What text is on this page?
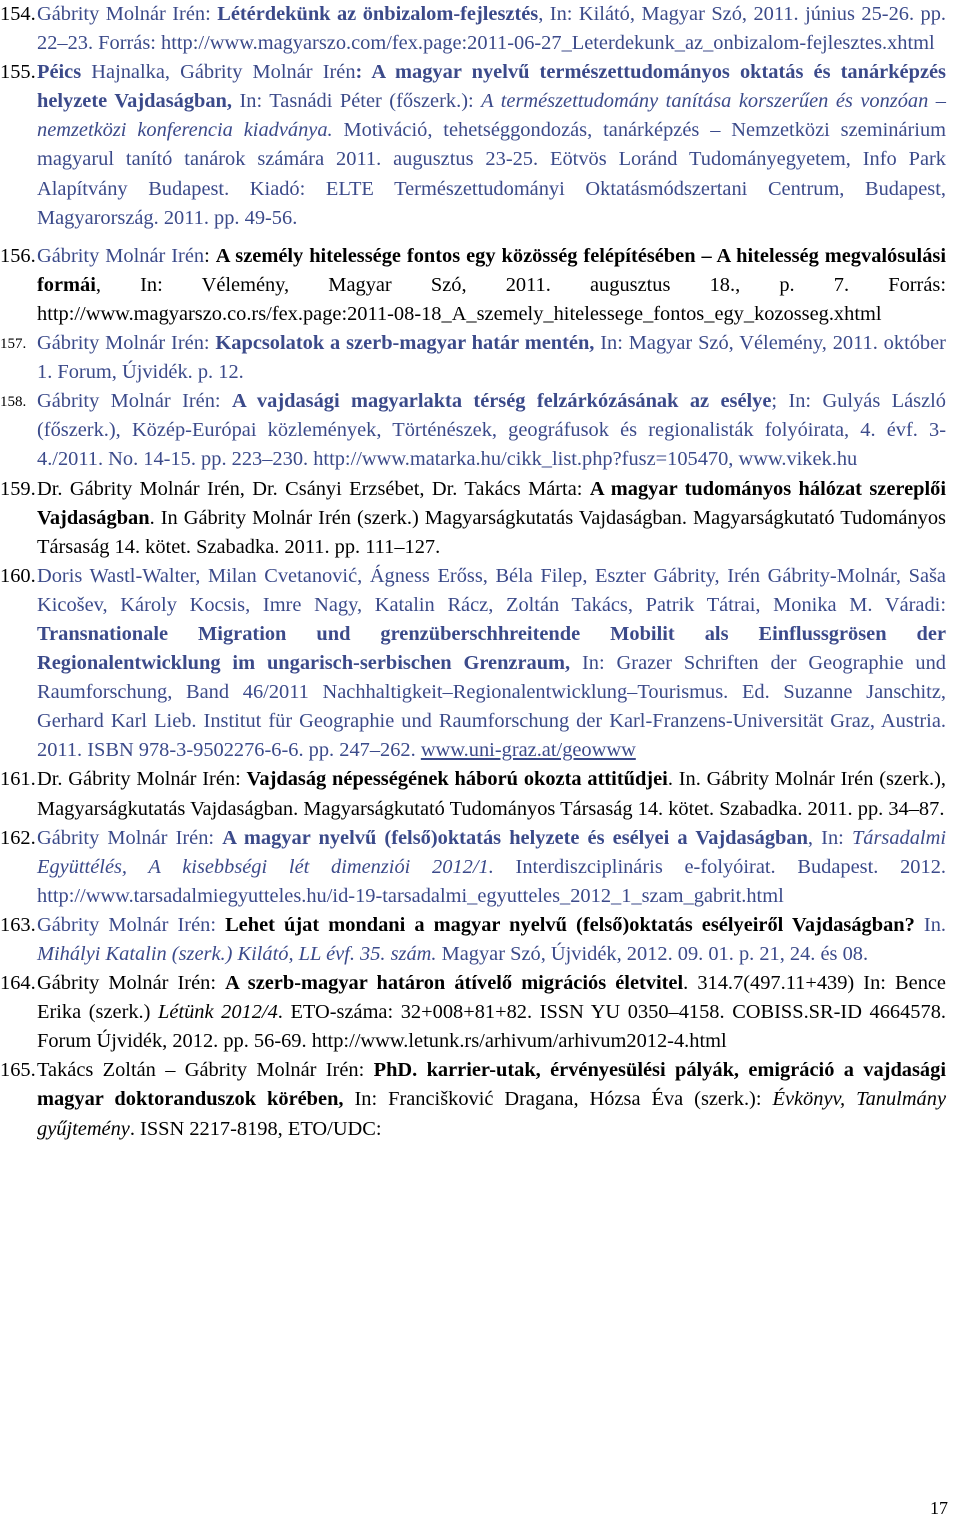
154. Gábrity Molnár Irén: Létérdekünk az önbizalom-fejlesztés, In: Kilátó, Magyar Szó, 2011. június 25-26. pp. 22–23. Forrás: http://www.magyarszo.com/fex.page:2011-06-27_Leterdekunk_az_onbizalom-fejlesztes.xhtml
155. Péics Hajnalka, Gábrity Molnár Irén: A magyar nyelvű természettudományos oktatás és tanárképzés helyzete Vajdaságban, In: Tasnádi Péter (főszerk.): A természettudomány tanítása korszerűen és vonzóan – nemzetközi konferencia kiadványa. Motiváció, tehetséggondozás, tanárképzés – Nemzetközi szeminárium magyarul tanító tanárok számára 2011. augusztus 23-25. Eötvös Loránd Tudományegyetem, Info Park Alapítvány Budapest. Kiadó: ELTE Természettudományi Oktatásmódszertani Centrum, Budapest, Magyarország. 2011. pp. 49-56.
156. Gábrity Molnár Irén: A személy hitelessége fontos egy közösség felépítésében – A hitelesség megvalósulási formái, In: Vélemény, Magyar Szó, 2011. augusztus 18., p. 7. Forrás: http://www.magyarszo.co.rs/fex.page:2011-08-18_A_szemely_hitelessege_fontos_egy_kozosseg.xhtml
157. Gábrity Molnár Irén: Kapcsolatok a szerb-magyar határ mentén, In: Magyar Szó, Vélemény, 2011. október 1. Forum, Újvidék. p. 12.
158. Gábrity Molnár Irén: A vajdasági magyarlakta térség felzárkózásának az esélye; In: Gulyás László (főszerk.), Közép-Európai közlemények, Történészek, geográfusok és regionalisták folyóirata, 4. évf. 3-4./2011. No. 14-15. pp. 223–230. http://www.matarka.hu/cikk_list.php?fusz=105470, www.vikek.hu
159. Dr. Gábrity Molnár Irén, Dr. Csányi Erzsébet, Dr. Takács Márta: A magyar tudományos hálózat szereplői Vajdaságban. In Gábrity Molnár Irén (szerk.) Magyarságkutatás Vajdaságban. Magyarságkutató Tudományos Társaság 14. kötet. Szabadka. 2011. pp. 111–127.
160. Doris Wastl-Walter, Milan Cvetanović, Ágness Erőss, Béla Filep, Eszter Gábrity, Irén Gábrity-Molnár, Saša Kicošev, Károly Kocsis, Imre Nagy, Katalin Rácz, Zoltán Takács, Patrik Tátrai, Monika M. Váradi: Transnationale Migration und grenzüberschhreitende Mobilit als Einflussgrösen der Regionalentwicklung im ungarisch-serbischen Grenzraum, In: Grazer Schriften der Geographie und Raumforschung, Band 46/2011 Nachhaltigkeit–Regionalentwicklung–Tourismus. Ed. Suzanne Janschitz, Gerhard Karl Lieb. Institut für Geographie und Raumforschung der Karl-Franzens-Universität Graz, Austria. 2011. ISBN 978-3-9502276-6-6. pp. 247–262. www.uni-graz.at/geowww
161. Dr. Gábrity Molnár Irén: Vajdaság népességének háború okozta attitűdjei. In. Gábrity Molnár Irén (szerk.), Magyarságkutatás Vajdaságban. Magyarságkutató Tudományos Társaság 14. kötet. Szabadka. 2011. pp. 34–87.
162. Gábrity Molnár Irén: A magyar nyelvű (felső)oktatás helyzete és esélyei a Vajdaságban, In: Társadalmi Együttélés, A kisebbségi lét dimenziói 2012/1. Interdiszciplináris e-folyóirat. Budapest. 2012. http://www.tarsadalmiegyutteles.hu/id-19-tarsadalmi_egyutteles_2012_1_szam_gabrit.html
163. Gábrity Molnár Irén: Lehet újat mondani a magyar nyelvű (felső)oktatás esélyeiről Vajdaságban? In. Mihályi Katalin (szerk.) Kilátó, LL évf. 35. szám. Magyar Szó, Újvidék, 2012. 09. 01. p. 21, 24. és 08.
164. Gábrity Molnár Irén: A szerb-magyar határon átívelő migrációs életvitel. 314.7(497.11+439) In: Bence Erika (szerk.) Létünk 2012/4. ETO-száma: 32+008+81+82. ISSN YU 0350–4158. COBISS.SR-ID 4664578. Forum Újvidék, 2012. pp. 56-69. http://www.letunk.rs/arhivum/arhivum2012-4.html
165. Takács Zoltán – Gábrity Molnár Irén: PhD. karrier-utak, érvényesülési pályák, emigráció a vajdasági magyar doktoranduszok körében, In: Francišković Dragana, Hózsa Éva (szerk.): Évkönyv, Tanulmány gyűjtemény. ISSN 2217-8198, ETO/UDC:
17
